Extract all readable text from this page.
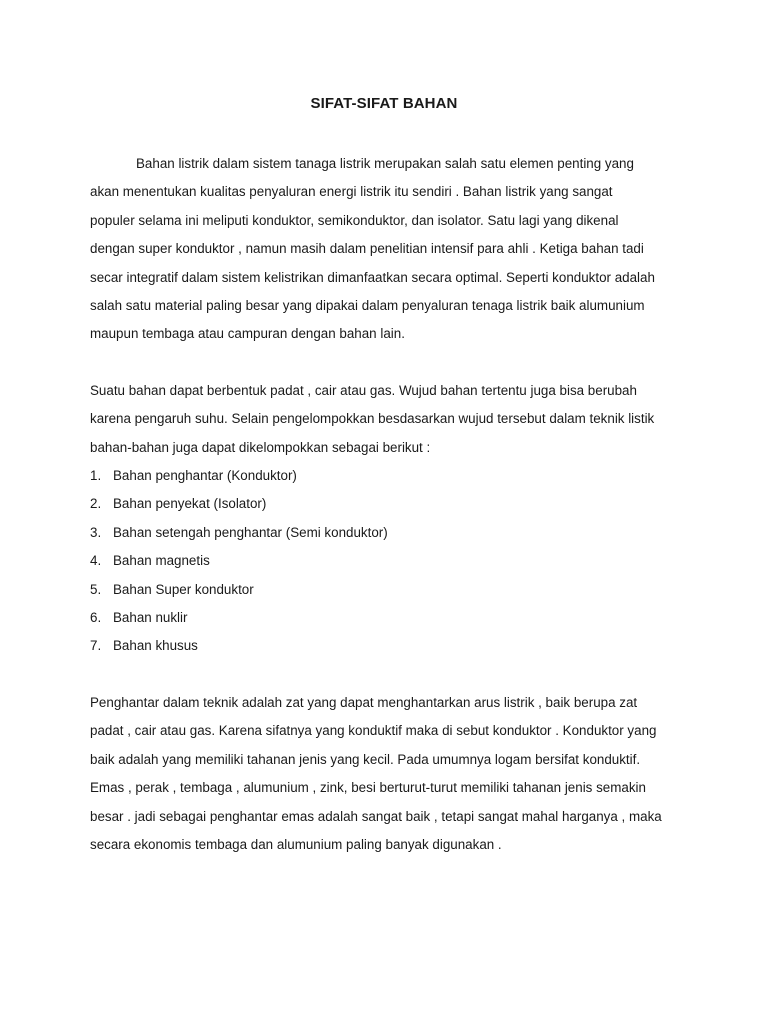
SIFAT-SIFAT BAHAN
Bahan listrik dalam sistem tanaga listrik merupakan salah satu elemen penting yang
akan menentukan kualitas penyaluran energi listrik itu sendiri . Bahan listrik yang sangat
populer selama ini meliputi konduktor, semikonduktor, dan isolator. Satu lagi yang dikenal
dengan super konduktor , namun masih dalam penelitian intensif para ahli . Ketiga bahan tadi
secar integratif dalam sistem kelistrikan dimanfaatkan secara optimal. Seperti konduktor adalah
salah satu material paling besar yang dipakai dalam penyaluran tenaga listrik baik alumunium
maupun tembaga atau campuran dengan bahan lain.
Suatu bahan dapat berbentuk padat , cair atau gas. Wujud bahan tertentu juga bisa berubah
karena pengaruh suhu. Selain pengelompokkan besdasarkan wujud tersebut dalam teknik listik
bahan-bahan juga dapat dikelompokkan sebagai berikut :
1. Bahan penghantar (Konduktor)
2. Bahan penyekat (Isolator)
3. Bahan setengah penghantar (Semi konduktor)
4. Bahan magnetis
5. Bahan Super konduktor
6. Bahan nuklir
7. Bahan khusus
Penghantar dalam teknik adalah zat yang dapat menghantarkan arus listrik , baik berupa zat
padat , cair atau gas. Karena sifatnya yang konduktif maka di sebut konduktor . Konduktor yang
baik adalah yang memiliki tahanan jenis yang kecil. Pada umumnya logam bersifat konduktif.
Emas , perak , tembaga , alumunium , zink, besi berturut-turut memiliki tahanan jenis semakin
besar . jadi sebagai penghantar emas adalah sangat baik , tetapi sangat mahal harganya , maka
secara ekonomis tembaga dan alumunium paling banyak digunakan .
